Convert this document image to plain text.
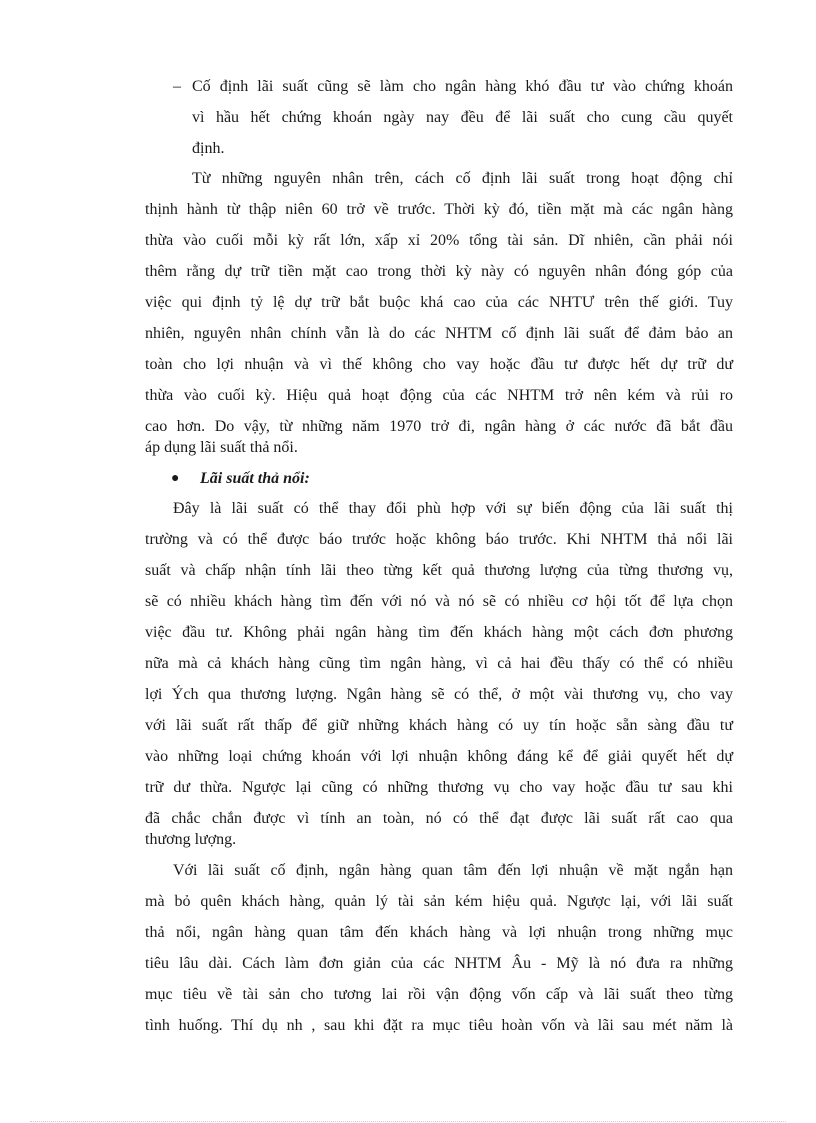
– Cố định lãi suất cũng sẽ làm cho ngân hàng khó đầu tư vào chứng khoán
vì hầu hết chứng khoán ngày nay đều để lãi suất cho cung cầu quyết
định.
Từ những nguyên nhân trên, cách cố định lãi suất trong hoạt động chỉ
thịnh hành từ thập niên 60 trở về trước. Thời kỳ đó, tiền mặt mà các ngân hàng
thừa vào cuối mỗi kỳ rất lớn, xấp xỉ 20% tổng tài sản. Dĩ nhiên, cần phải nói
thêm rằng dự trữ tiền mặt cao trong thời kỳ này có nguyên nhân đóng góp của
việc qui định tỷ lệ dự trữ bắt buộc khá cao của các NHTƯ trên thế giới. Tuy
nhiên, nguyên nhân chính vẫn là do các NHTM cố định lãi suất để đảm bảo an
toàn cho lợi nhuận và vì thế không cho vay hoặc đầu tư được hết dự trữ dư
thừa vào cuối kỳ. Hiệu quả hoạt động của các NHTM trở nên kém và rủi ro
cao hơn. Do vậy, từ những năm 1970 trở đi, ngân hàng ở các nước đã bắt đầu
áp dụng lãi suất thả nổi.
● Lãi suất thả nổi:
Đây là lãi suất có thể thay đổi phù hợp với sự biến động của lãi suất thị
trường và có thể được báo trước hoặc không báo trước. Khi NHTM thả nổi lãi
suất và chấp nhận tính lãi theo từng kết quả thương lượng của từng thương vụ,
sẽ có nhiều khách hàng tìm đến với nó và nó sẽ có nhiều cơ hội tốt để lựa chọn
việc đầu tư. Không phải ngân hàng tìm đến khách hàng một cách đơn phương
nữa mà cả khách hàng cũng tìm ngân hàng, vì cả hai đều thấy có thể có nhiều
lợi Ých qua thương lượng. Ngân hàng sẽ có thể, ở một vài thương vụ, cho vay
với lãi suất rất thấp để giữ những khách hàng có uy tín hoặc sẵn sàng đầu tư
vào những loại chứng khoán với lợi nhuận không đáng kể để giải quyết hết dự
trữ dư thừa. Ngược lại cũng có những thương vụ cho vay hoặc đầu tư sau khi
đã chắc chắn được vì tính an toàn, nó có thể đạt được lãi suất rất cao qua
thương lượng.
Với lãi suất cố định, ngân hàng quan tâm đến lợi nhuận về mặt ngắn hạn
mà bỏ quên khách hàng, quản lý tài sản kém hiệu quả. Ngược lại, với lãi suất
thả nổi, ngân hàng quan tâm đến khách hàng và lợi nhuận trong những mục
tiêu lâu dài. Cách làm đơn giản của các NHTM Âu - Mỹ là nó đưa ra những
mục tiêu về tài sản cho tương lai rồi vận động vốn cấp và lãi suất theo từng
tình huống. Thí dụ nh , sau khi đặt ra mục tiêu hoàn vốn và lãi sau mét năm là
